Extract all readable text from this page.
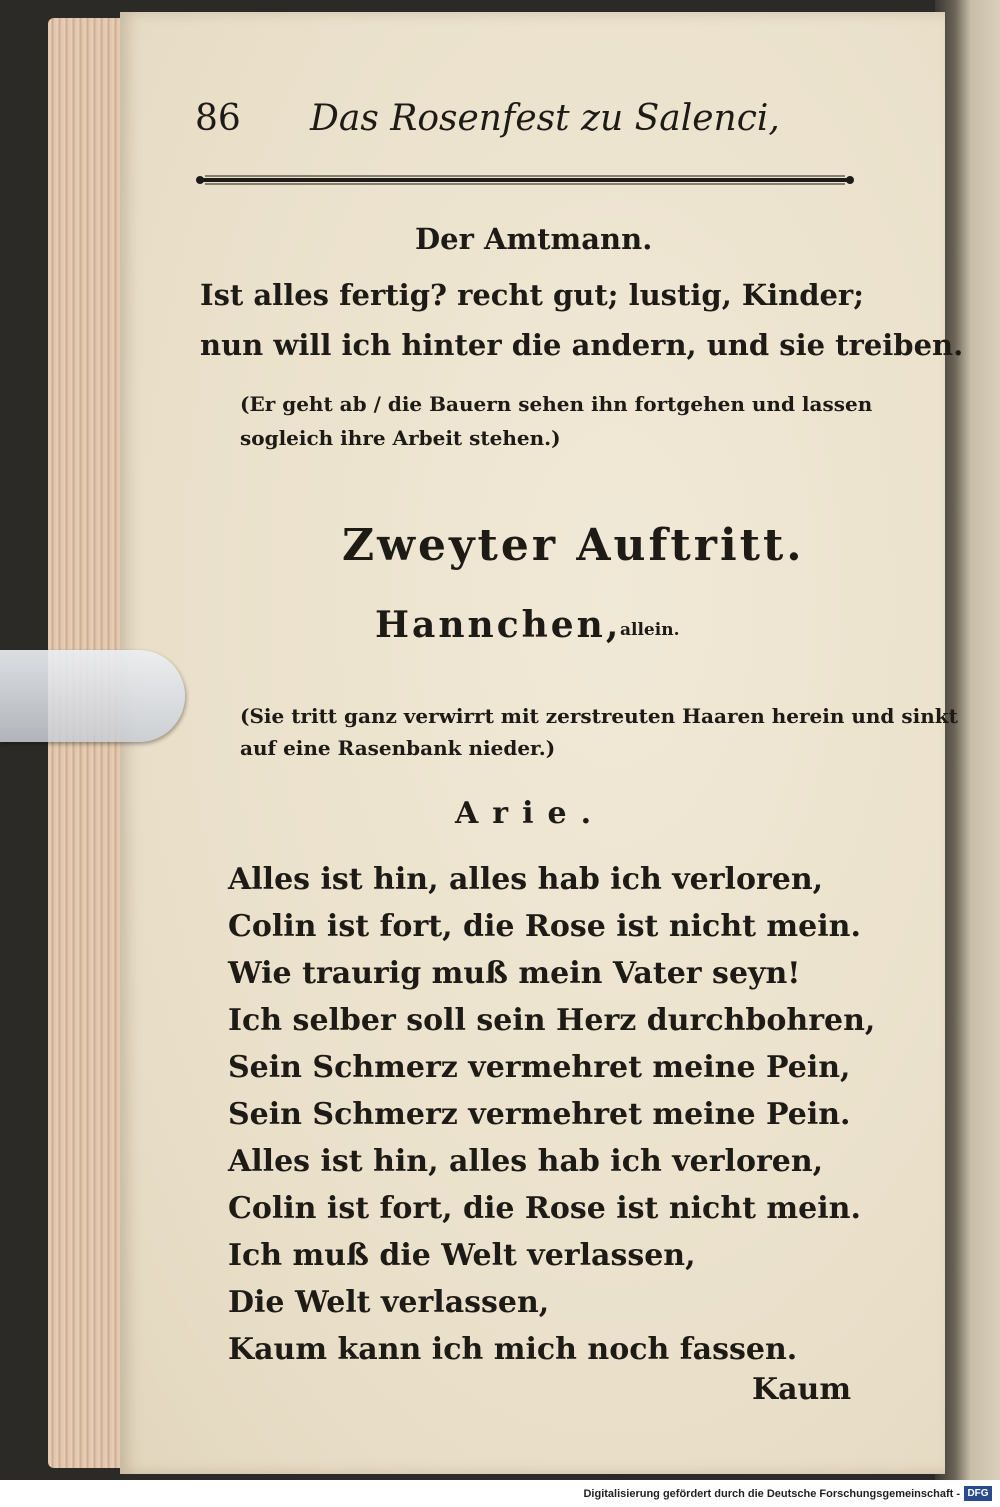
86 Das Rosenfest zu Salenci,
Der Amtmann.
Ist alles fertig? recht gut; lustig, Kinder;
nun will ich hinter die andern, und sie treiben.
(Er geht ab / die Bauern sehen ihn fortgehen und lassen
sogleich ihre Arbeit stehen.)
Zweyter Auftritt.
Hannchen,
allein.
(Sie tritt ganz verwirrt mit zerstreuten Haaren herein und sinkt
auf eine Rasenbank nieder.)
Arie.
Alles ist hin, alles hab ich verloren,
Colin ist fort, die Rose ist nicht mein.
Wie traurig muß mein Vater seyn!
Ich selber soll sein Herz durchbohren,
Sein Schmerz vermehret meine Pein,
Sein Schmerz vermehret meine Pein.
Alles ist hin, alles hab ich verloren,
Colin ist fort, die Rose ist nicht mein.
Ich muß die Welt verlassen,
Die Welt verlassen,
Kaum kann ich mich noch fassen.
Kaum
Digitalisierung gefördert durch die Deutsche Forschungsgemeinschaft - DFG
